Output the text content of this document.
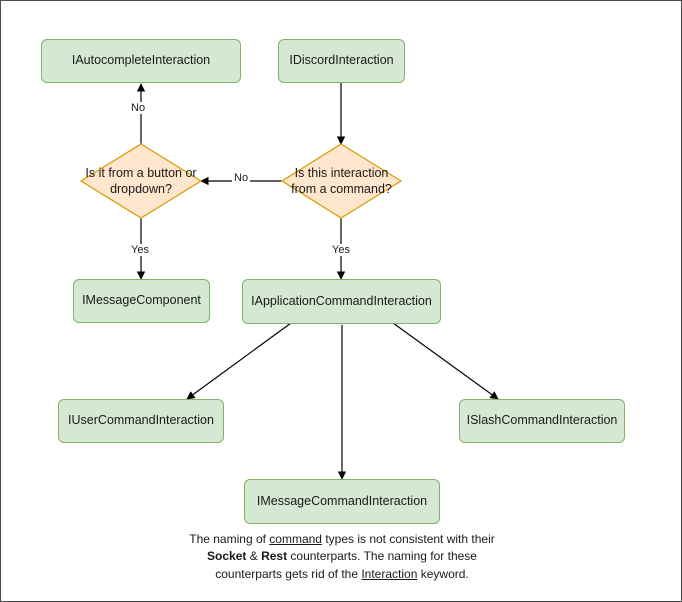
IAutocompleteInteraction	IDiscordInteraction
IMessageComponent	IApplicationCommandInteraction
IUserCommandInteraction	ISlashCommandInteraction
IMessageCommandInteraction
Is it from a button or dropdown?
Is this interaction from a command?
No
No
Yes	Yes
The naming of command types is not consistent with their
Socket & Rest counterparts. The naming for these
counterparts gets rid of the Interaction keyword.
